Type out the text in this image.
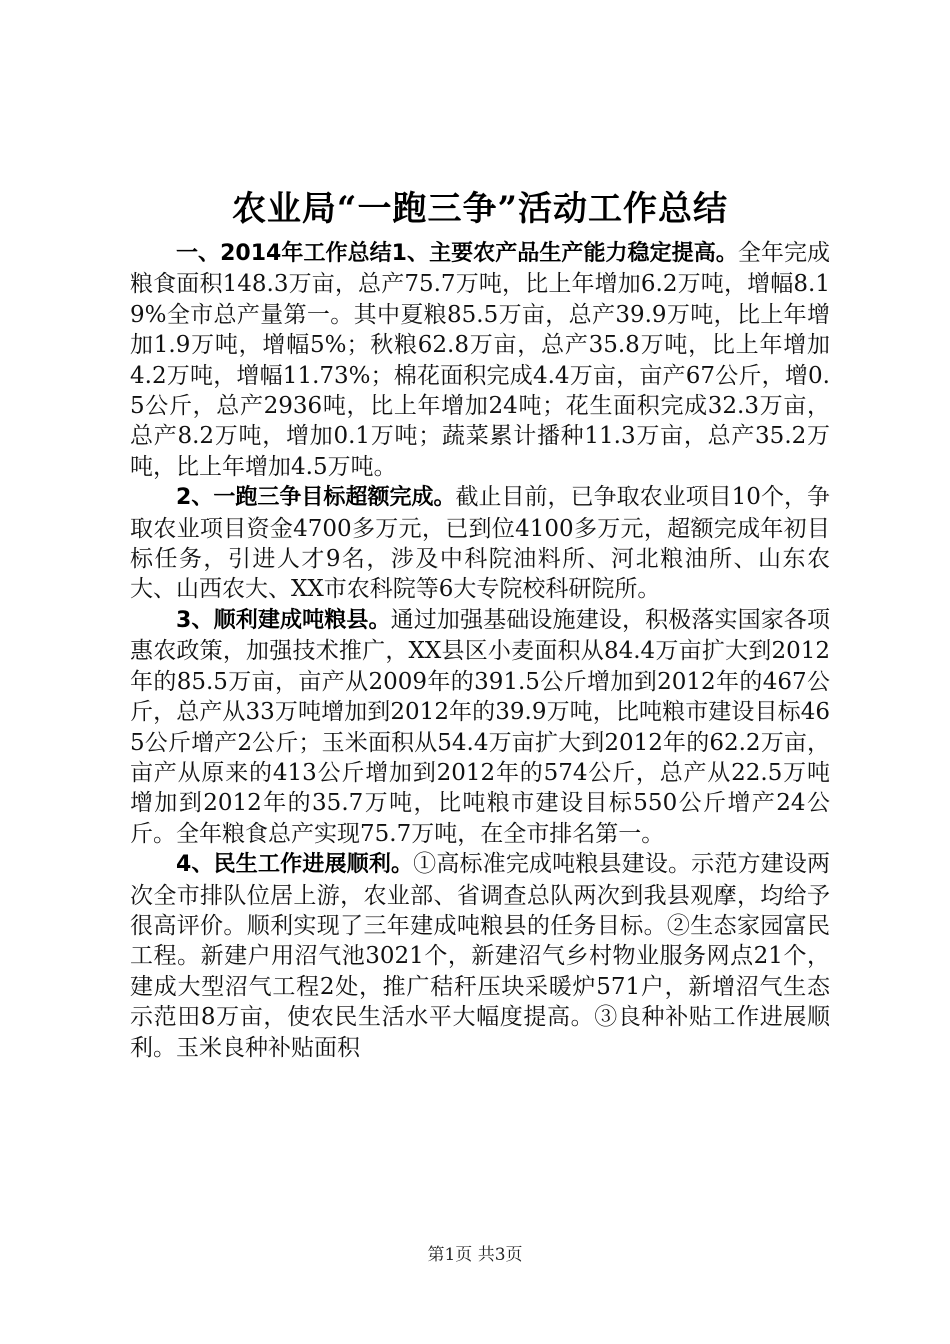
农业局“一跑三争”活动工作总结

一、2014年工作总结1、主要农产品生产能力稳定提高。全年完成粮食面积148.3万亩，总产75.7万吨，比上年增加6.2万吨，增幅8.19%全市总产量第一。其中夏粮85.5万亩，总产39.9万吨，比上年增加1.9万吨，增幅5%；秋粮62.8万亩，总产35.8万吨，比上年增加4.2万吨，增幅11.73%；棉花面积完成4.4万亩，亩产67公斤，增0.5公斤，总产2936吨，比上年增加24吨；花生面积完成32.3万亩，总产8.2万吨，增加0.1万吨；蔬菜累计播种11.3万亩，总产35.2万吨，比上年增加4.5万吨。

2、一跑三争目标超额完成。截止目前，已争取农业项目10个，争取农业项目资金4700多万元，已到位4100多万元，超额完成年初目标任务，引进人才9名，涉及中科院油料所、河北粮油所、山东农大、山西农大、XX市农科院等6大专院校科研院所。

3、顺利建成吨粮县。通过加强基础设施建设，积极落实国家各项惠农政策，加强技术推广，XX县区小麦面积从84.4万亩扩大到2012年的85.5万亩，亩产从2009年的391.5公斤增加到2012年的467公斤，总产从33万吨增加到2012年的39.9万吨，比吨粮市建设目标465公斤增产2公斤；玉米面积从54.4万亩扩大到2012年的62.2万亩，亩产从原来的413公斤增加到2012年的574公斤，总产从22.5万吨增加到2012年的35.7万吨，比吨粮市建设目标550公斤增产24公斤。全年粮食总产实现75.7万吨，在全市排名第一。

4、民生工作进展顺利。①高标准完成吨粮县建设。示范方建设两次全市排队位居上游，农业部、省调查总队两次到我县观摩，均给予很高评价。顺利实现了三年建成吨粮县的任务目标。②生态家园富民工程。新建户用沼气池3021个，新建沼气乡村物业服务网点21个，建成大型沼气工程2处，推广秸秆压块采暖炉571户，新增沼气生态示范田8万亩，使农民生活水平大幅度提高。③良种补贴工作进展顺利。玉米良种补贴面积

第1页 共3页
